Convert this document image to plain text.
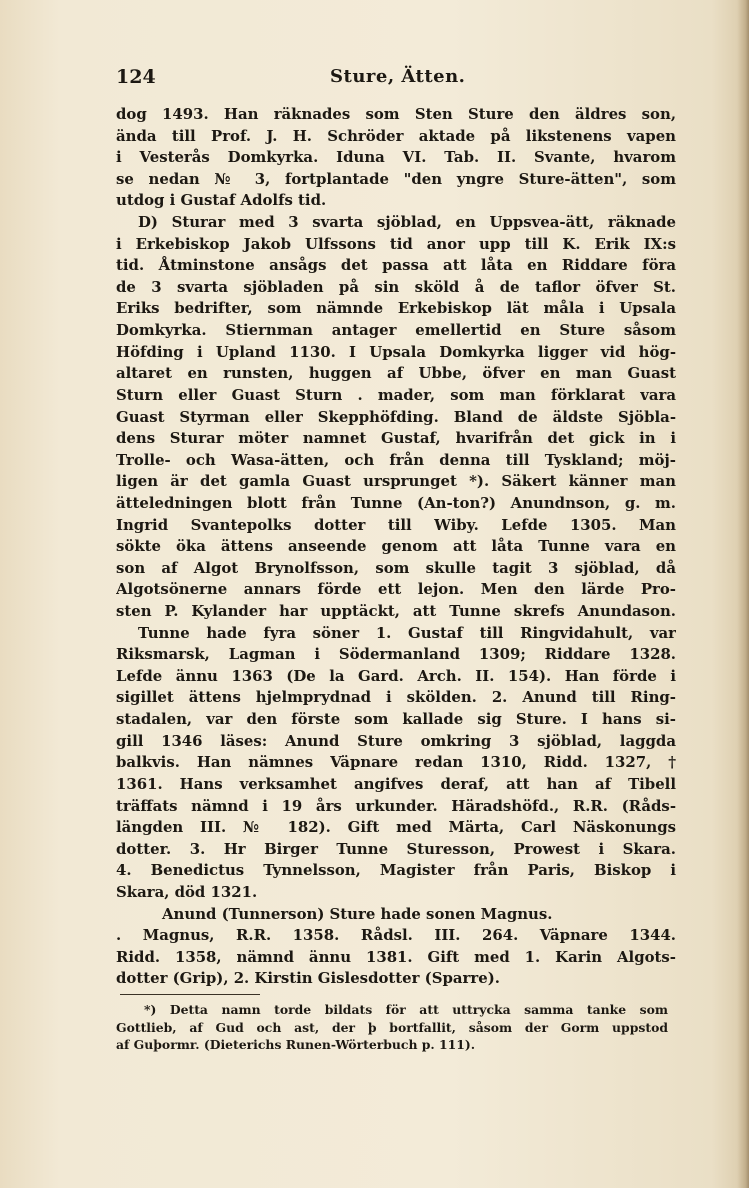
124	Sture, Ätten.
dog 1493. Han räknades som Sten Sture den äldres son,
ända till Prof. J. H. Schröder aktade på likstenens vapen
i Vesterås Domkyrka. Iduna VI. Tab. II. Svante, hvarom
se nedan № 3, fortplantade "den yngre Sture-ätten", som
utdog i Gustaf Adolfs tid.
D) Sturar med 3 svarta sjöblad, en Uppsvea-ätt, räknade
i Erkebiskop Jakob Ulfssons tid anor upp till K. Erik IX:s
tid. Åtminstone ansågs det passa att låta en Riddare föra
de 3 svarta sjöbladen på sin sköld å de taflor öfver St.
Eriks bedrifter, som nämnde Erkebiskop lät måla i Upsala
Domkyrka. Stiernman antager emellertid en Sture såsom
Höfding i Upland 1130. I Upsala Domkyrka ligger vid hög-
altaret en runsten, huggen af Ubbe, öfver en man Guast
Sturn eller Guast Sturn . mader, som man förklarat vara
Guast Styrman eller Skepphöfding. Bland de äldste Sjöbla-
dens Sturar möter namnet Gustaf, hvarifrån det gick in i
Trolle- och Wasa-ätten, och från denna till Tyskland; möj-
ligen är det gamla Guast ursprunget *). Säkert känner man
ätteledningen blott från Tunne (An-ton?) Anundnson, g. m.
Ingrid Svantepolks dotter till Wiby. Lefde 1305. Man
sökte öka ättens anseende genom att låta Tunne vara en
son af Algot Brynolfsson, som skulle tagit 3 sjöblad, då
Algotsönerne annars förde ett lejon. Men den lärde Pro-
sten P. Kylander har upptäckt, att Tunne skrefs Anundason.
Tunne hade fyra söner 1. Gustaf till Ringvidahult, var
Riksmarsk, Lagman i Södermanland 1309; Riddare 1328.
Lefde ännu 1363 (De la Gard. Arch. II. 154). Han förde i
sigillet ättens hjelmprydnad i skölden. 2. Anund till Ring-
stadalen, var den förste som kallade sig Sture. I hans si-
gill 1346 läses: Anund Sture omkring 3 sjöblad, laggda
balkvis. Han nämnes Väpnare redan 1310, Ridd. 1327, †
1361. Hans verksamhet angifves deraf, att han af Tibell
träffats nämnd i 19 års urkunder. Häradshöfd., R.R. (Råds-
längden III. № 182). Gift med Märta, Carl Näskonungs
dotter. 3. Hr Birger Tunne Sturesson, Prowest i Skara.
4. Benedictus Tynnelsson, Magister från Paris, Biskop i
Skara, död 1321.
Anund (Tunnerson) Sture hade sonen Magnus.
. Magnus, R.R. 1358. Rådsl. III. 264. Väpnare 1344.
Ridd. 1358, nämnd ännu 1381. Gift med 1. Karin Algots-
dotter (Grip), 2. Kirstin Gislesdotter (Sparre).
*) Detta namn torde bildats för att uttrycka samma tanke som
Gottlieb, af Gud och ast, der þ bortfallit, såsom der Gorm uppstod
af Guþormr. (Dieterichs Runen-Wörterbuch p. 111).
